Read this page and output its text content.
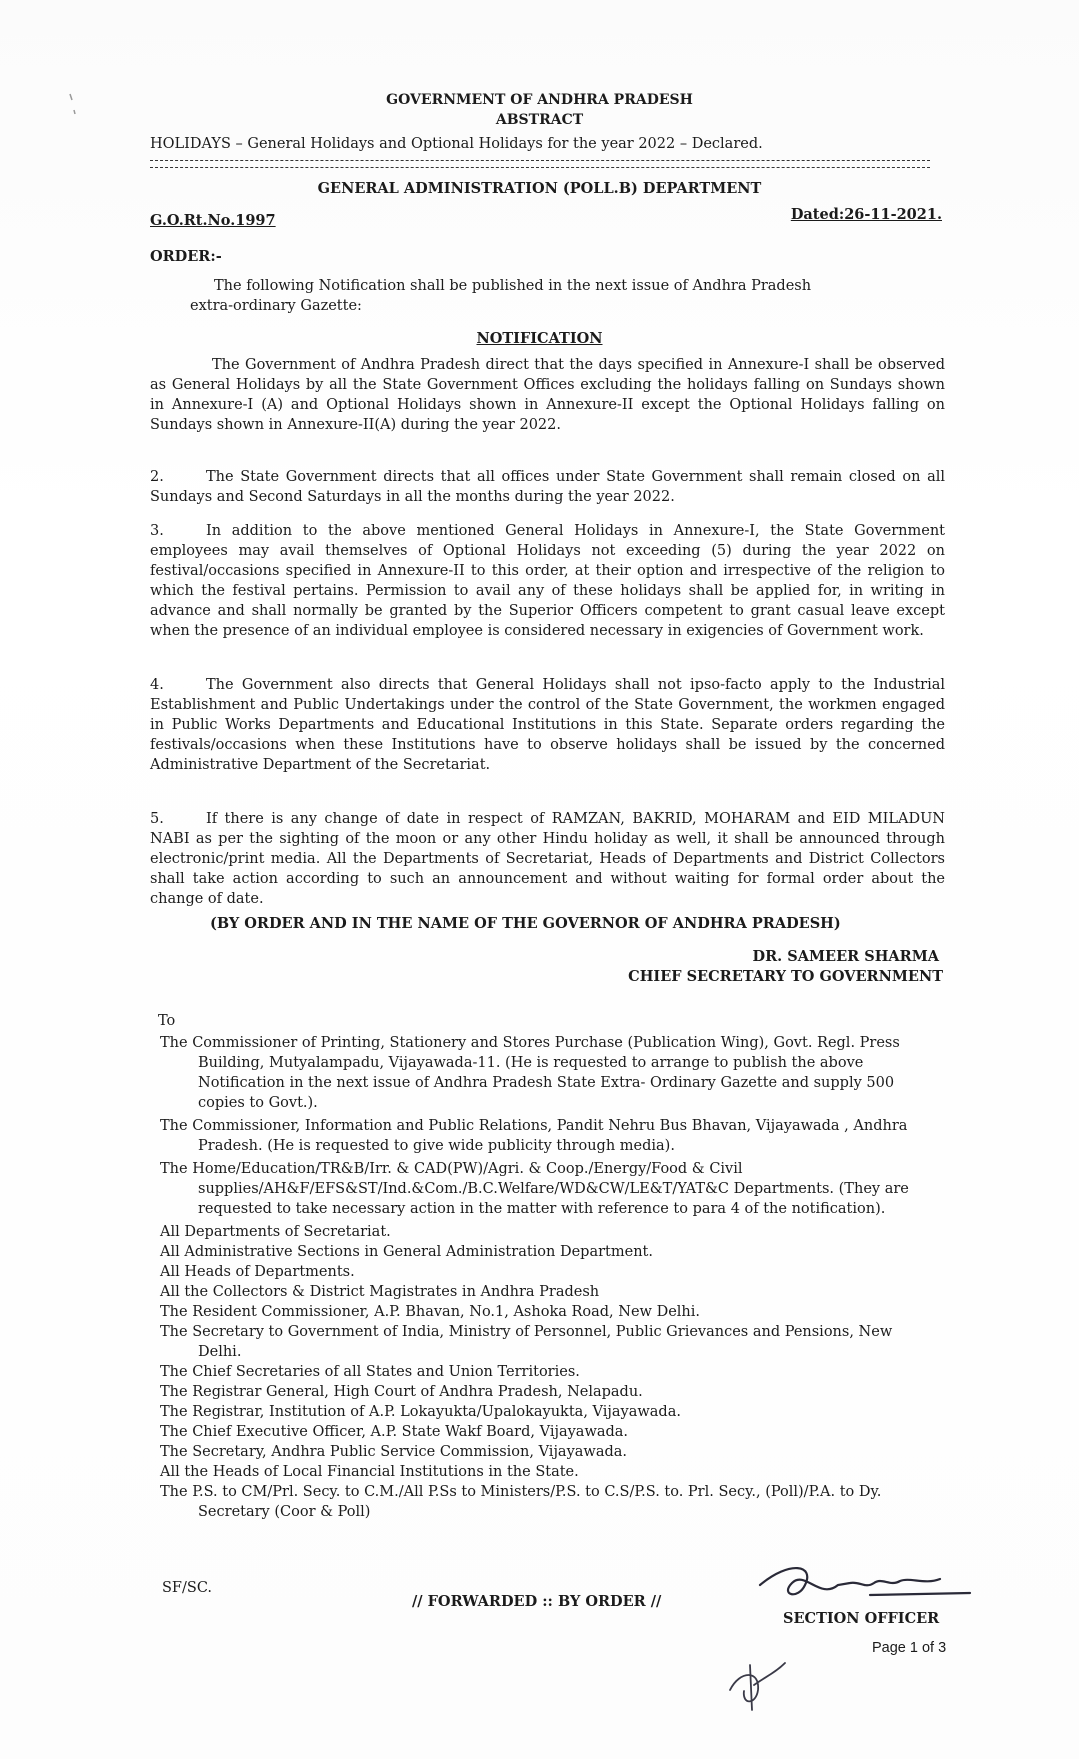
GOVERNMENT OF ANDHRA PRADESH
ABSTRACT
HOLIDAYS – General Holidays and Optional Holidays for the year 2022 – Declared.
GENERAL ADMINISTRATION (POLL.B) DEPARTMENT
G.O.Rt.No.1997	Dated:26-11-2021.
ORDER:-
The following Notification shall be published in the next issue of Andhra Pradesh extra-ordinary Gazette:
NOTIFICATION
The Government of Andhra Pradesh direct that the days specified in Annexure-I shall be observed as General Holidays by all the State Government Offices excluding the holidays falling on Sundays shown in Annexure-I (A) and Optional Holidays shown in Annexure-II except the Optional Holidays falling on Sundays shown in Annexure-II(A) during the year 2022.
2.	The State Government directs that all offices under State Government shall remain closed on all Sundays and Second Saturdays in all the months during the year 2022.
3.	In addition to the above mentioned General Holidays in Annexure-I, the State Government employees may avail themselves of Optional Holidays not exceeding (5) during the year 2022 on festival/occasions specified in Annexure-II to this order, at their option and irrespective of the religion to which the festival pertains. Permission to avail any of these holidays shall be applied for, in writing in advance and shall normally be granted by the Superior Officers competent to grant casual leave except when the presence of an individual employee is considered necessary in exigencies of Government work.
4.	The Government also directs that General Holidays shall not ipso-facto apply to the Industrial Establishment and Public Undertakings under the control of the State Government, the workmen engaged in Public Works Departments and Educational Institutions in this State. Separate orders regarding the festivals/occasions when these Institutions have to observe holidays shall be issued by the concerned Administrative Department of the Secretariat.
5.	If there is any change of date in respect of RAMZAN, BAKRID, MOHARAM and EID MILADUN NABI as per the sighting of the moon or any other Hindu holiday as well, it shall be announced through electronic/print media. All the Departments of Secretariat, Heads of Departments and District Collectors shall take action according to such an announcement and without waiting for formal order about the change of date.
(BY ORDER AND IN THE NAME OF THE GOVERNOR OF ANDHRA PRADESH)
DR. SAMEER SHARMA
CHIEF SECRETARY TO GOVERNMENT
To
The Commissioner of Printing, Stationery and Stores Purchase (Publication Wing), Govt. Regl. Press Building, Mutyalampadu, Vijayawada-11. (He is requested to arrange to publish the above Notification in the next issue of Andhra Pradesh State Extra- Ordinary Gazette and supply 500 copies to Govt.).
The Commissioner, Information and Public Relations, Pandit Nehru Bus Bhavan, Vijayawada , Andhra Pradesh. (He is requested to give wide publicity through media).
The Home/Education/TR&B/Irr. & CAD(PW)/Agri. & Coop./Energy/Food & Civil supplies/AH&F/EFS&ST/Ind.&Com./B.C.Welfare/WD&CW/LE&T/YAT&C Departments. (They are requested to take necessary action in the matter with reference to para 4 of the notification).
All Departments of Secretariat.
All Administrative Sections in General Administration Department.
All Heads of Departments.
All the Collectors & District Magistrates in Andhra Pradesh
The Resident Commissioner, A.P. Bhavan, No.1, Ashoka Road, New Delhi.
The Secretary to Government of India, Ministry of Personnel, Public Grievances and Pensions, New Delhi.
The Chief Secretaries of all States and Union Territories.
The Registrar General, High Court of Andhra Pradesh, Nelapadu.
The Registrar, Institution of A.P. Lokayukta/Upalokayukta, Vijayawada.
The Chief Executive Officer, A.P. State Wakf Board, Vijayawada.
The Secretary, Andhra Public Service Commission, Vijayawada.
All the Heads of Local Financial Institutions in the State.
The P.S. to CM/Prl. Secy. to C.M./All P.Ss to Ministers/P.S. to C.S/P.S. to. Prl. Secy., (Poll)/P.A. to Dy. Secretary (Coor & Poll)
SF/SC.
// FORWARDED :: BY ORDER //
SECTION OFFICER
Page 1 of 3
